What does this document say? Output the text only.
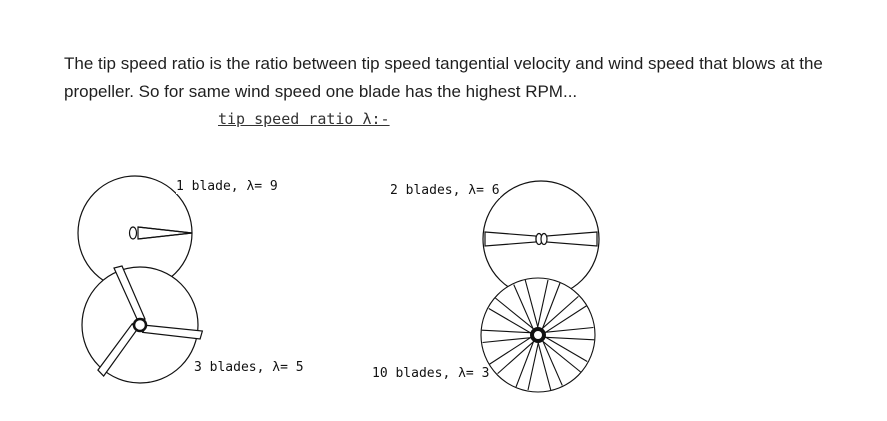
The tip speed ratio is the ratio between tip speed tangential velocity and wind speed that blows at the propeller. So for same wind speed one blade has the highest RPM...

tip speed ratio λ:-
1 blade, λ= 9	2 blades, λ= 6
3 blades, λ= 5	10 blades, λ= 3
